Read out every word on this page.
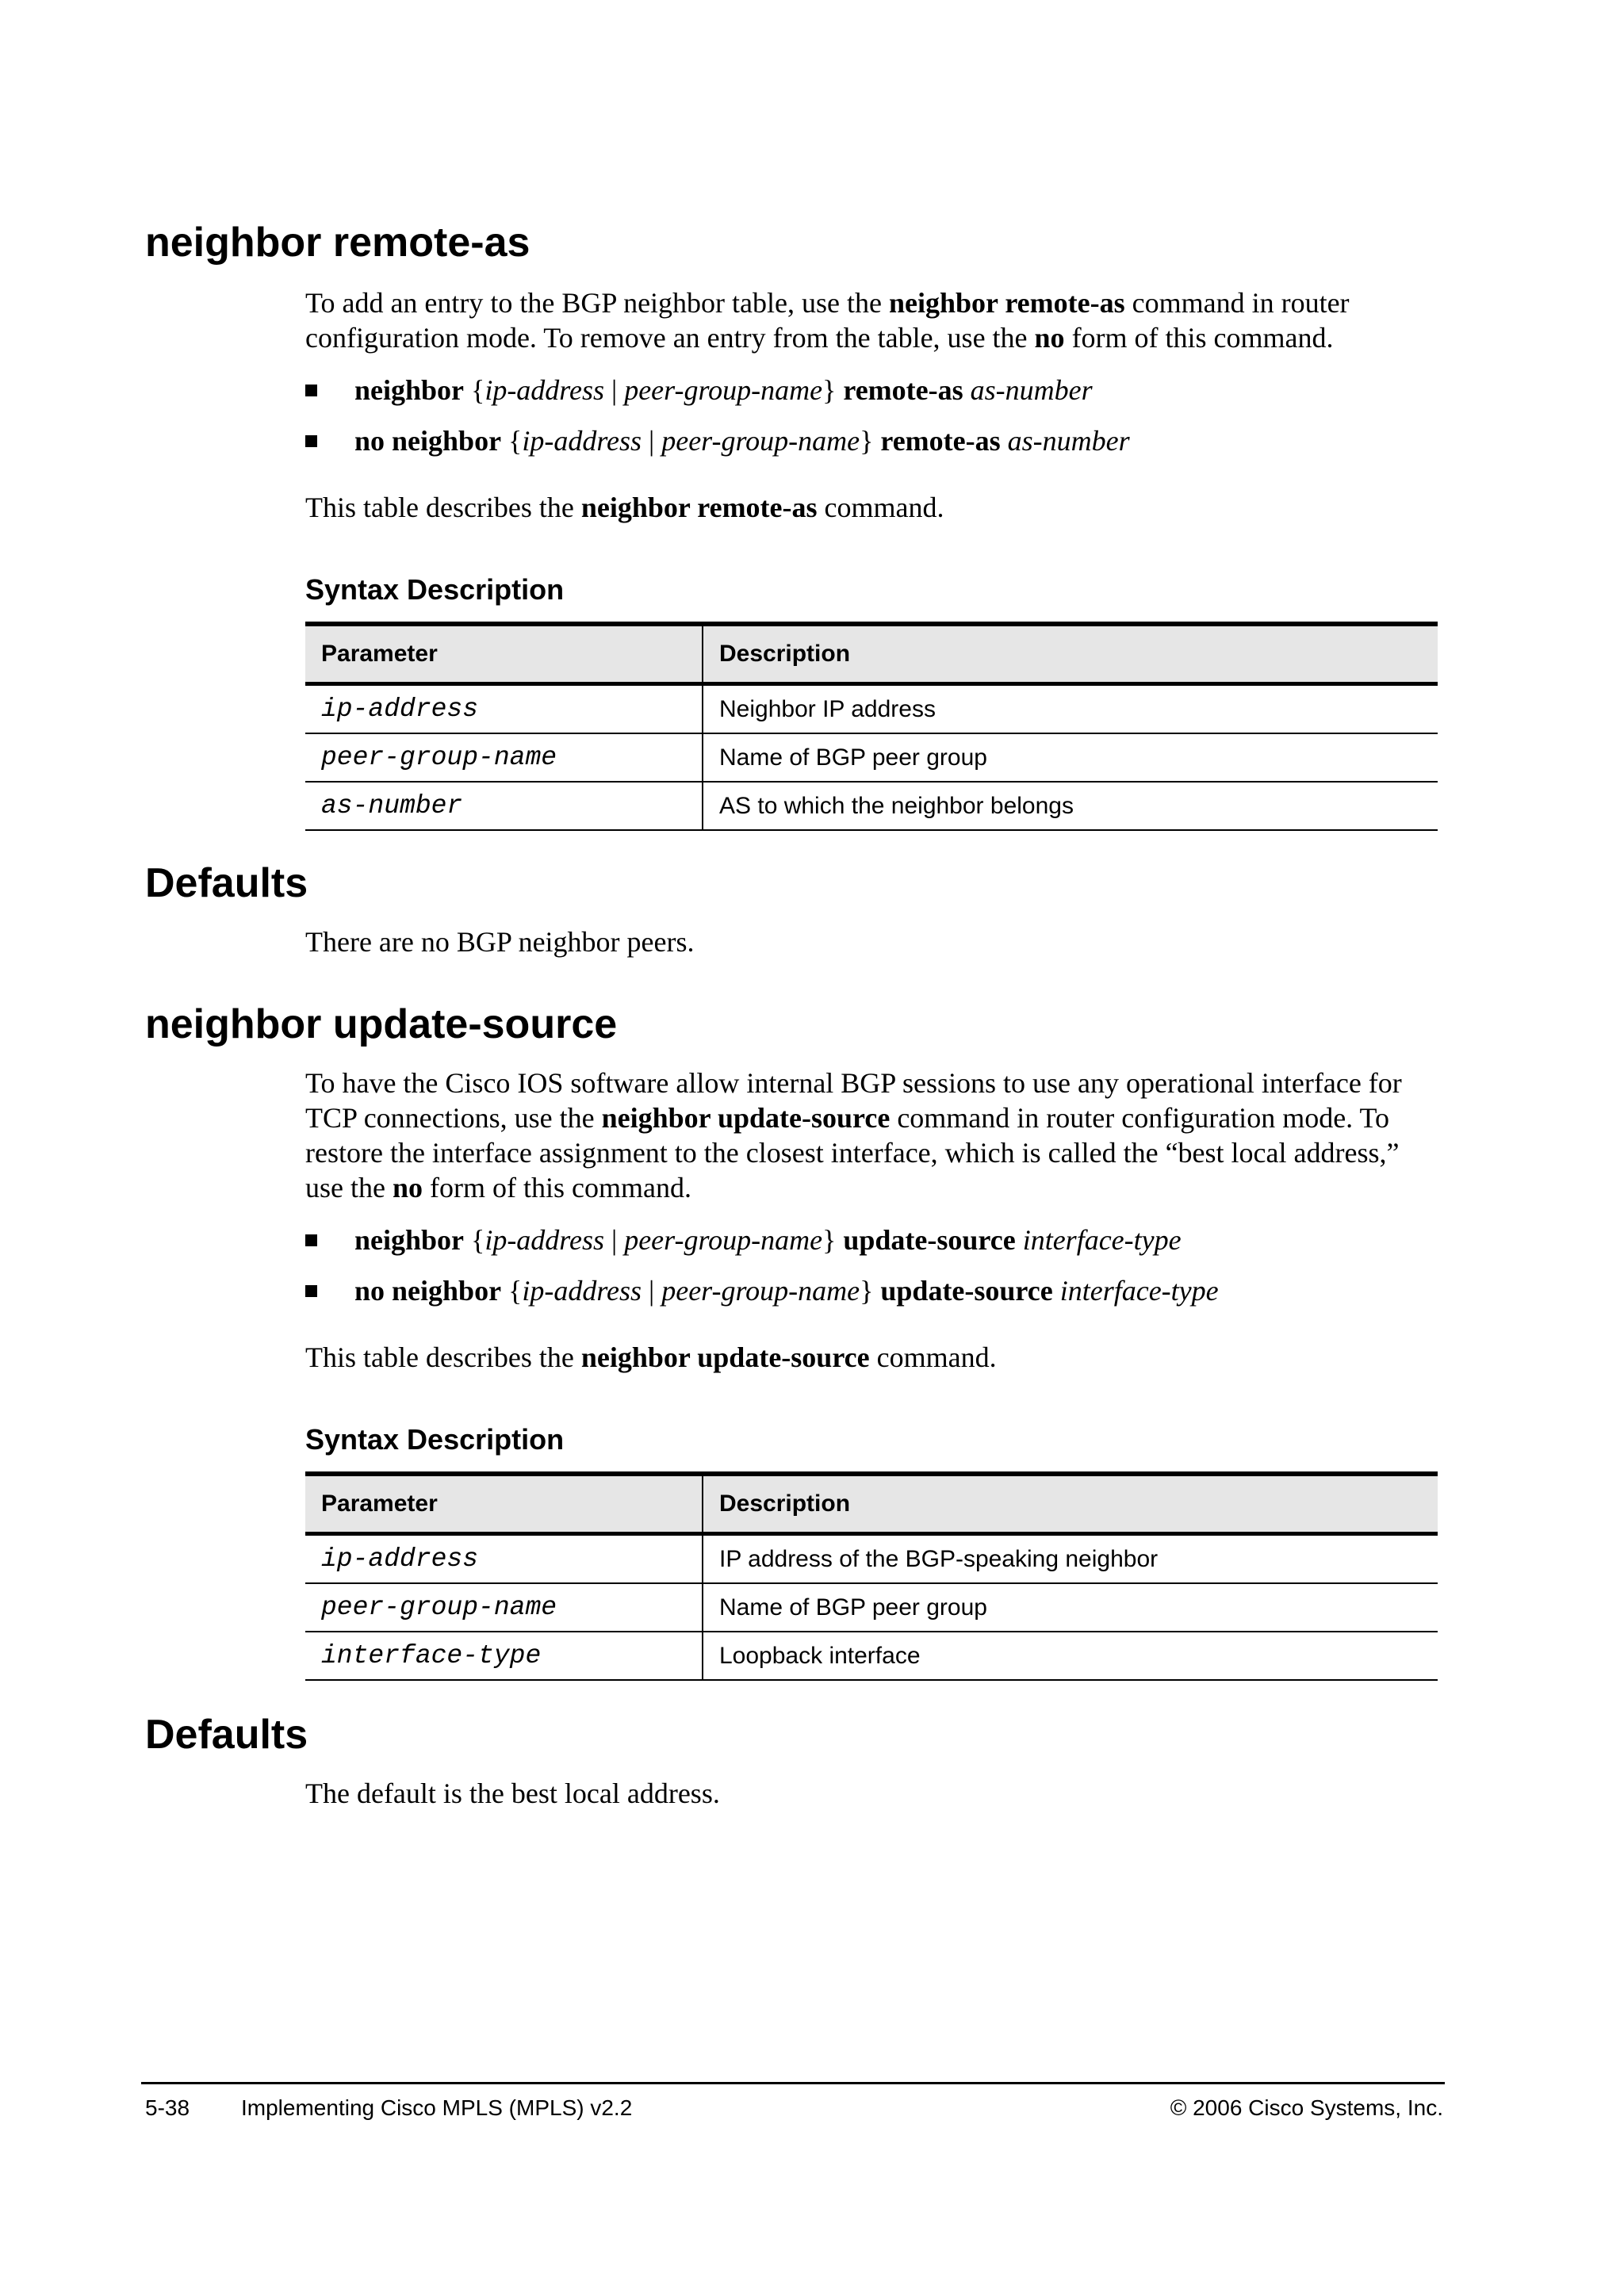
neighbor remote-as

To add an entry to the BGP neighbor table, use the neighbor remote-as command in router configuration mode. To remove an entry from the table, use the no form of this command.

neighbor {ip-address | peer-group-name} remote-as as-number
no neighbor {ip-address | peer-group-name} remote-as as-number

This table describes the neighbor remote-as command.

Syntax Description
Parameter	Description
ip-address	Neighbor IP address
peer-group-name	Name of BGP peer group
as-number	AS to which the neighbor belongs
Defaults

There are no BGP neighbor peers.

neighbor update-source

To have the Cisco IOS software allow internal BGP sessions to use any operational interface for TCP connections, use the neighbor update-source command in router configuration mode. To restore the interface assignment to the closest interface, which is called the “best local address,” use the no form of this command.

neighbor {ip-address | peer-group-name} update-source interface-type
no neighbor {ip-address | peer-group-name} update-source interface-type

This table describes the neighbor update-source command.

Syntax Description
Parameter	Description
ip-address	IP address of the BGP-speaking neighbor
peer-group-name	Name of BGP peer group
interface-type	Loopback interface
Defaults

The default is the best local address.

5-38 Implementing Cisco MPLS (MPLS) v2.2	© 2006 Cisco Systems, Inc.
